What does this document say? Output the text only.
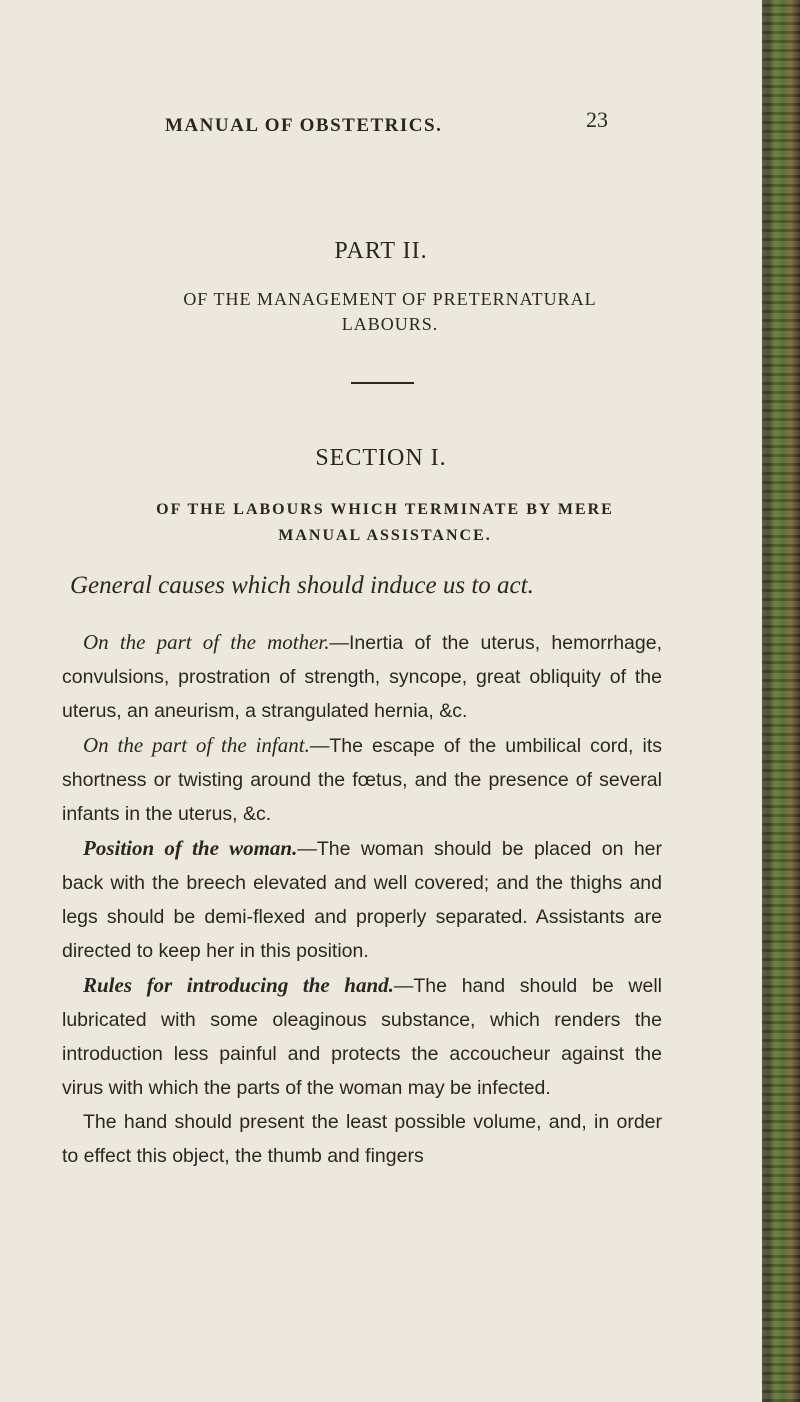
MANUAL OF OBSTETRICS.	23
PART II.
OF THE MANAGEMENT OF PRETERNATURAL
LABOURS.
SECTION I.
OF THE LABOURS WHICH TERMINATE BY MERE
MANUAL ASSISTANCE.
General causes which should induce us to act.

On the part of the mother.—Inertia of the uterus, hemorrhage, convulsions, prostration of strength, syncope, great obliquity of the uterus, an aneurism, a strangulated hernia, &c.

On the part of the infant.—The escape of the umbilical cord, its shortness or twisting around the fœtus, and the presence of several infants in the uterus, &c.

Position of the woman.—The woman should be placed on her back with the breech elevated and well covered; and the thighs and legs should be demi-flexed and properly separated. Assistants are directed to keep her in this position.

Rules for introducing the hand.—The hand should be well lubricated with some oleaginous substance, which renders the introduction less painful and protects the accoucheur against the virus with which the parts of the woman may be infected.

The hand should present the least possible volume, and, in order to effect this object, the thumb and fingers
